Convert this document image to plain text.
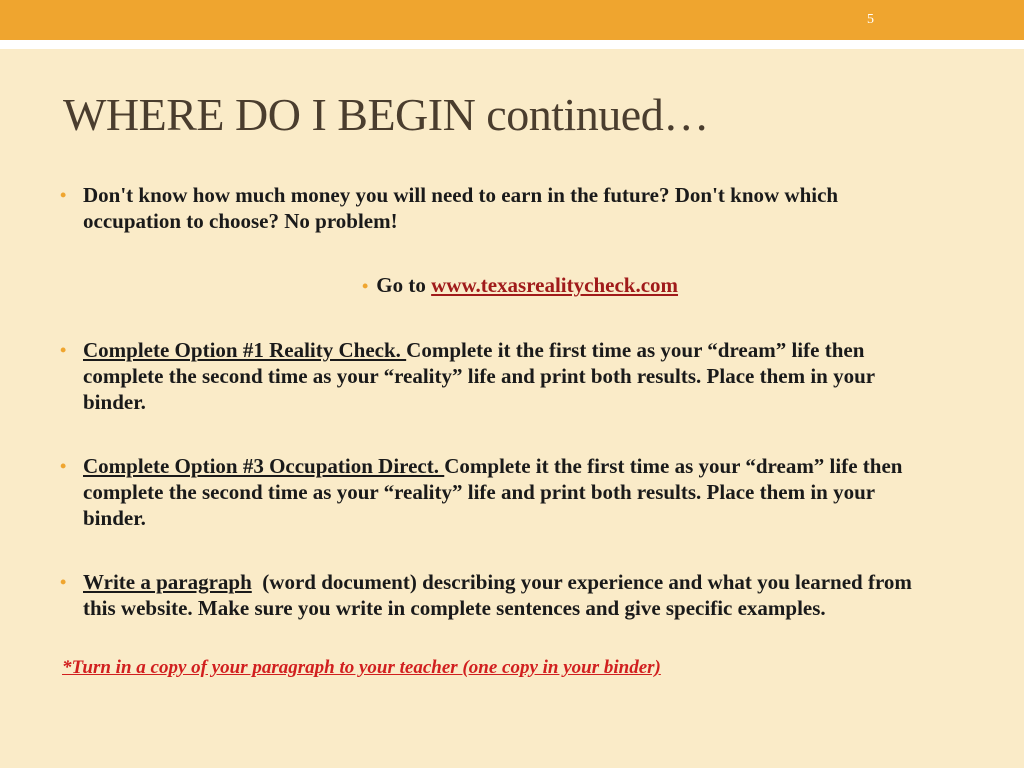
5
WHERE DO I BEGIN continued…

• Don't know how much money you will need to earn in the future? Don't know which occupation to choose? No problem!

• Go to www.texasrealitycheck.com

• Complete Option #1 Reality Check. Complete it the first time as your “dream” life then complete the second time as your “reality” life and print both results. Place them in your binder.

• Complete Option #3 Occupation Direct. Complete it the first time as your “dream” life then complete the second time as your “reality” life and print both results. Place them in your binder.

• Write a paragraph  (word document) describing your experience and what you learned from this website. Make sure you write in complete sentences and give specific examples.

*Turn in a copy of your paragraph to your teacher (one copy in your binder)
